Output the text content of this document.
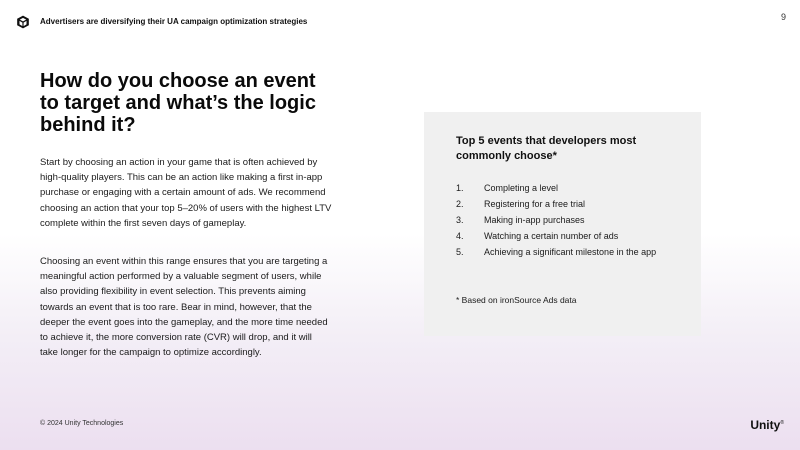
Advertisers are diversifying their UA campaign optimization strategies	9
How do you choose an event to target and what’s the logic behind it?

Start by choosing an action in your game that is often achieved by high-quality players. This can be an action like making a first in-app purchase or engaging with a certain amount of ads. We recommend choosing an action that your top 5–20% of users with the highest LTV complete within the first seven days of gameplay.

Choosing an event within this range ensures that you are targeting a meaningful action performed by a valuable segment of users, while also providing flexibility in event selection. This prevents aiming towards an event that is too rare. Bear in mind, however, that the deeper the event goes into the gameplay, and the more time needed to achieve it, the more conversion rate (CVR) will drop, and it will take longer for the campaign to optimize accordingly.

Top 5 events that developers most commonly choose*
1.	Completing a level
2.	Registering for a free trial
3.	Making in-app purchases
4.	Watching a certain number of ads
5.	Achieving a significant milestone in the app
* Based on ironSource Ads data
© 2024 Unity Technologies	Unity®
